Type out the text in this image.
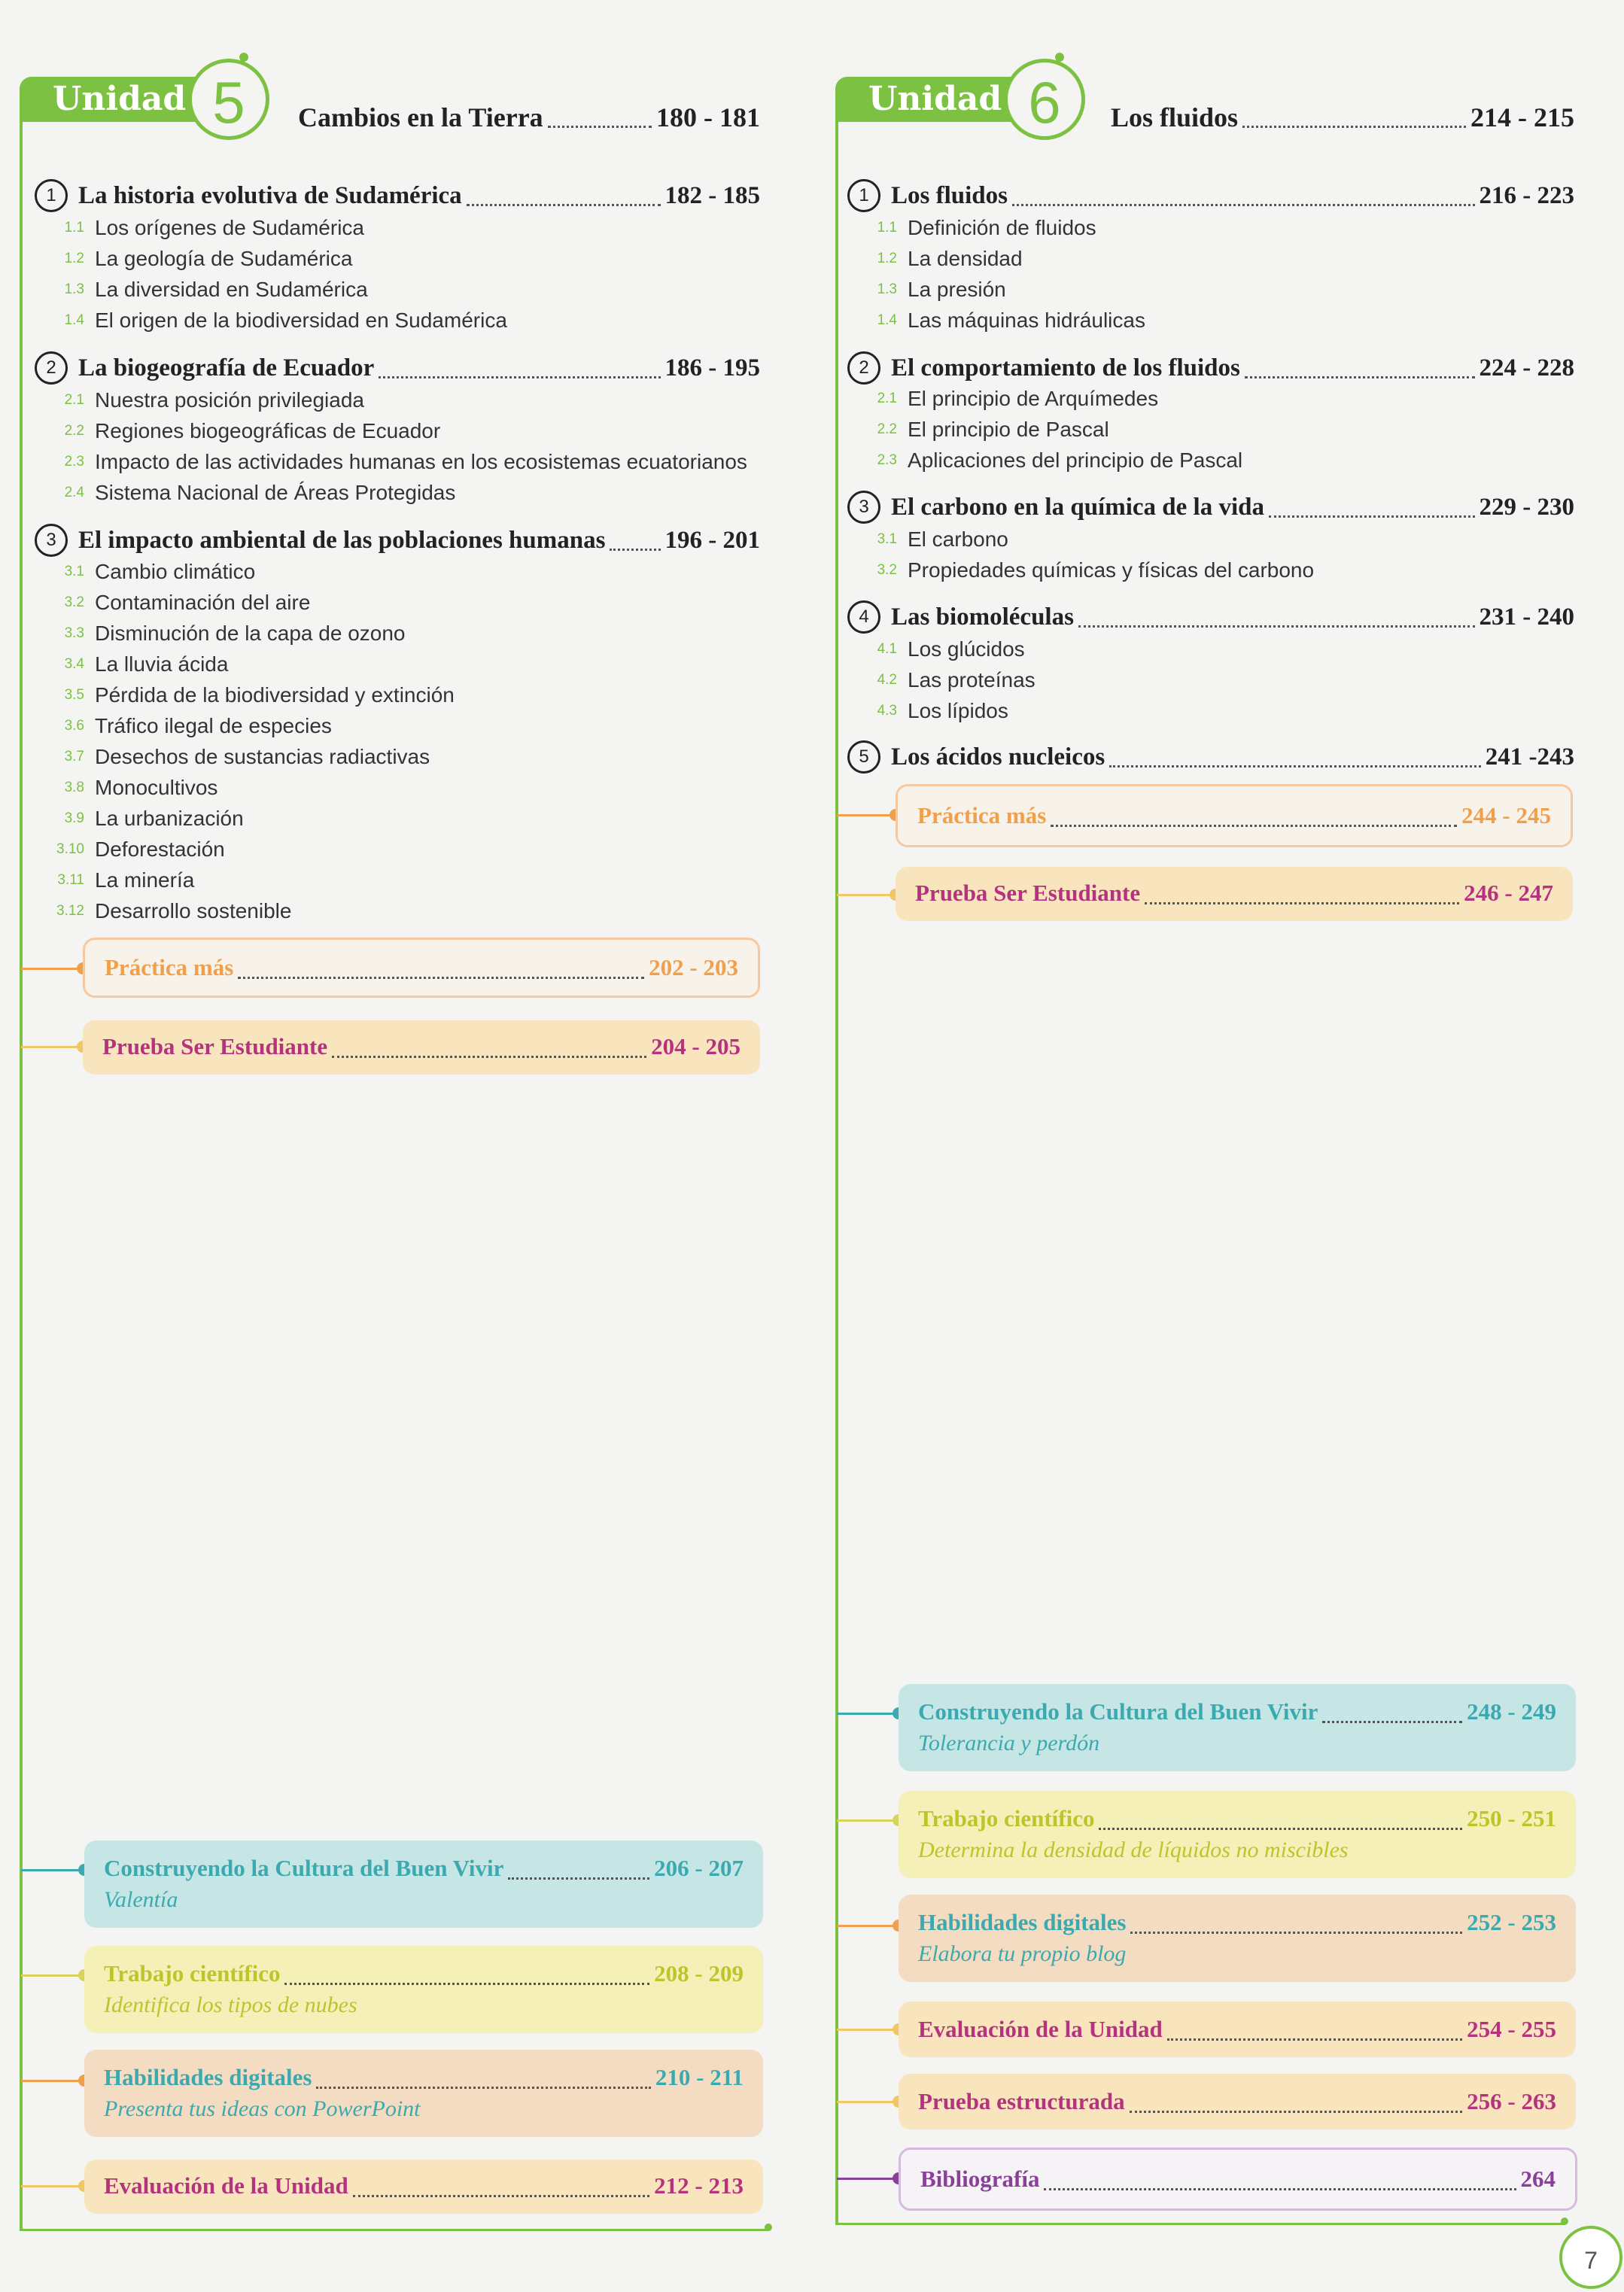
Unidad 5	Cambios en la Tierra	180 - 181
1 La historia evolutiva de Sudamérica	182 - 185
1.1 Los orígenes de Sudamérica
1.2 La geología de Sudamérica
1.3 La diversidad en Sudamérica
1.4 El origen de la biodiversidad en Sudamérica
2 La biogeografía de Ecuador	186 - 195
2.1 Nuestra posición privilegiada
2.2 Regiones biogeográficas de Ecuador
2.3 Impacto de las actividades humanas en los ecosistemas ecuatorianos
2.4 Sistema Nacional de Áreas Protegidas
3 El impacto ambiental de las poblaciones humanas 196 - 201
3.1 Cambio climático
3.2 Contaminación del aire
3.3 Disminución de la capa de ozono
3.4 La lluvia ácida
3.5 Pérdida de la biodiversidad y extinción
3.6 Tráfico ilegal de especies
3.7 Desechos de sustancias radiactivas
3.8 Monocultivos
3.9 La urbanización
3.10 Deforestación
3.11 La minería
3.12 Desarrollo sostenible
Práctica más	202 - 203
Prueba Ser Estudiante	204 - 205
Construyendo la Cultura del Buen Vivir	206 - 207
Valentía
Trabajo científico	208 - 209
Identifica los tipos de nubes
Habilidades digitales	210 - 211
Presenta tus ideas con PowerPoint
Evaluación de la Unidad	212 - 213
Unidad 6	Los fluidos	214 - 215
1 Los fluidos	216 - 223
1.1 Definición de fluidos
1.2 La densidad
1.3 La presión
1.4 Las máquinas hidráulicas
2 El comportamiento de los fluidos	224 - 228
2.1 El principio de Arquímedes
2.2 El principio de Pascal
2.3 Aplicaciones del principio de Pascal
3 El carbono en la química de la vida	229 - 230
3.1 El carbono
3.2 Propiedades químicas y físicas del carbono
4 Las biomoléculas	231 - 240
4.1 Los glúcidos
4.2 Las proteínas
4.3 Los lípidos
5 Los ácidos nucleicos	241 -243
Práctica más	244 - 245
Prueba Ser Estudiante	246 - 247
Construyendo la Cultura del Buen Vivir	248 - 249
Tolerancia y perdón
Trabajo científico	250 - 251
Determina la densidad de líquidos no miscibles
Habilidades digitales	252 - 253
Elabora tu propio blog
Evaluación de la Unidad	254 - 255
Prueba estructurada	256 - 263
Bibliografía	264
7
